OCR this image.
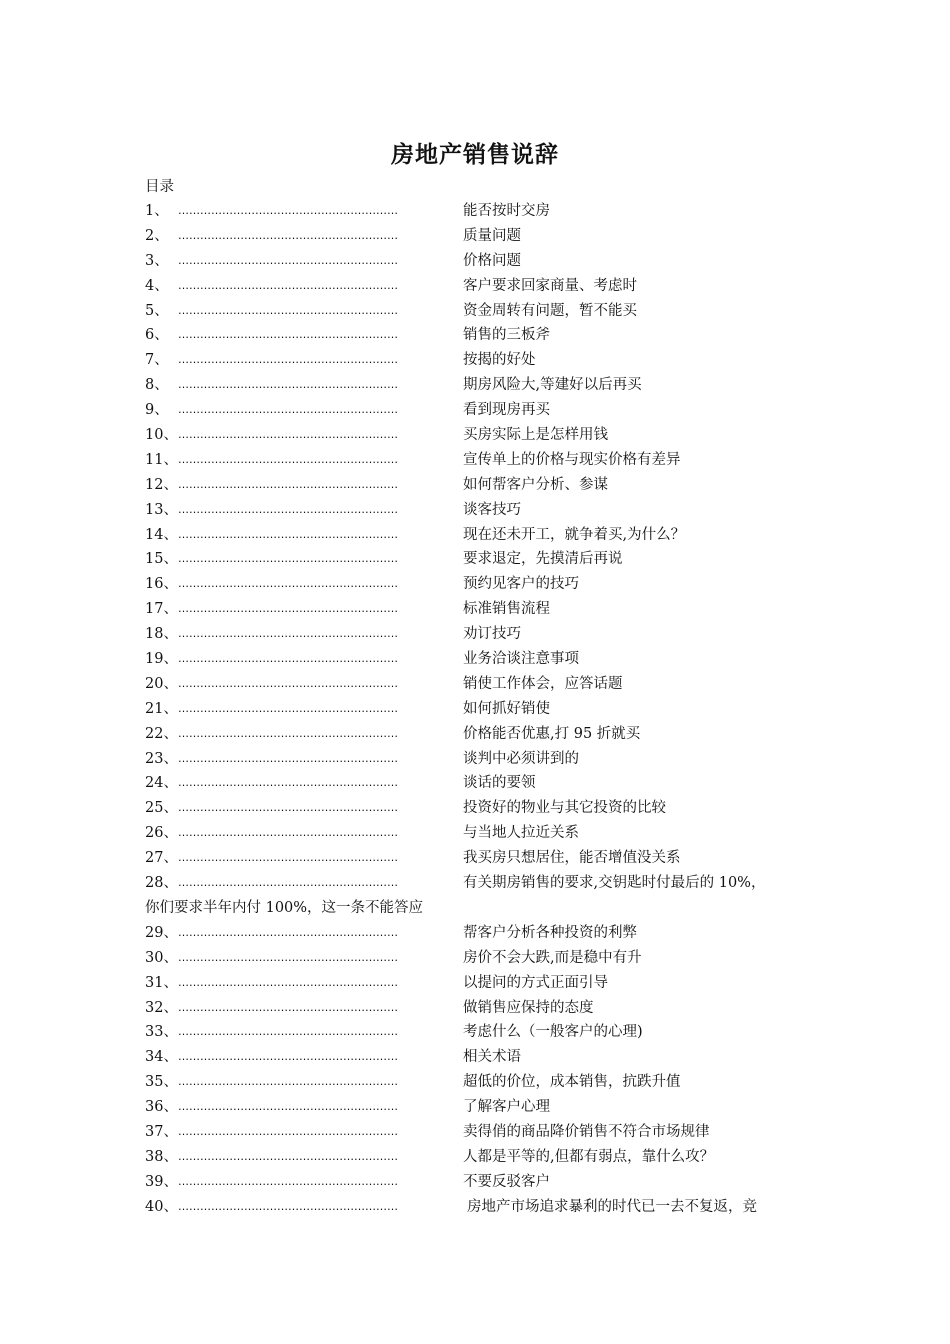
房地产销售说辞
目录
1、 ……………………………………………………	能否按时交房
2、 ……………………………………………………	质量问题
3、 ……………………………………………………	价格问题
4、 ……………………………………………………	客户要求回家商量、考虑时
5、 ……………………………………………………	资金周转有问题，暂不能买
6、 ……………………………………………………	销售的三板斧
7、 ……………………………………………………	按揭的好处
8、 ……………………………………………………	期房风险大,等建好以后再买
9、 ……………………………………………………	看到现房再买
10、 ……………………………………………………	买房实际上是怎样用钱
11、 ……………………………………………………	宣传单上的价格与现实价格有差异
12、 ……………………………………………………	如何帮客户分析、参谋
13、 ……………………………………………………	谈客技巧
14、 ……………………………………………………	现在还未开工，就争着买,为什么？
15、 ……………………………………………………	要求退定，先摸清后再说
16、 ……………………………………………………	预约见客户的技巧
17、 ……………………………………………………	标准销售流程
18、 ……………………………………………………	劝订技巧
19、 ……………………………………………………	业务洽谈注意事项
20、 ……………………………………………………	销使工作体会，应答话题
21、 ……………………………………………………	如何抓好销使
22、 ……………………………………………………	价格能否优惠,打 95 折就买
23、 ……………………………………………………	谈判中必须讲到的
24、 ……………………………………………………	谈话的要领
25、 ……………………………………………………	投资好的物业与其它投资的比较
26、 ……………………………………………………	与当地人拉近关系
27、 ……………………………………………………	我买房只想居住，能否增值没关系
28、 ……………………………………………………	有关期房销售的要求,交钥匙时付最后的 10%，
你们要求半年内付 100%，这一条不能答应
29、 ……………………………………………………	帮客户分析各种投资的利弊
30、 ……………………………………………………	房价不会大跌,而是稳中有升
31、 ……………………………………………………	以提问的方式正面引导
32、 ……………………………………………………	做销售应保持的态度
33、 ……………………………………………………	考虑什么（一般客户的心理)
34、 ……………………………………………………	相关术语
35、 ……………………………………………………	超低的价位，成本销售，抗跌升值
36、 ……………………………………………………	了解客户心理
37、 ……………………………………………………	卖得俏的商品降价销售不符合市场规律
38、 ……………………………………………………	人都是平等的,但都有弱点，靠什么攻？
39、 ……………………………………………………	不要反驳客户
40、 ……………………………………………………	房地产市场追求暴利的时代已一去不复返，竞
